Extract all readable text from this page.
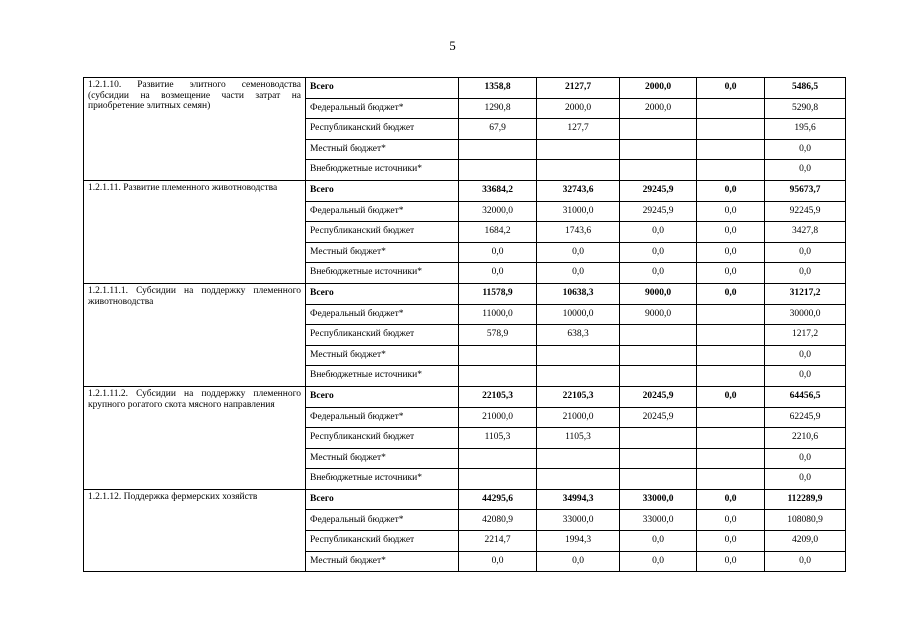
5
1.2.1.10. Развитие элитного семеноводства (субсидии на возмещение части затрат на приобретение элитных семян)	Всего	1358,8	2127,7	2000,0	0,0	5486,5
	Федеральный бюджет*	1290,8	2000,0	2000,0		5290,8
	Республиканский бюджет	67,9	127,7			195,6
	Местный бюджет*					0,0
	Внебюджетные источники*					0,0
1.2.1.11. Развитие племенного животноводства	Всего	33684,2	32743,6	29245,9	0,0	95673,7
	Федеральный бюджет*	32000,0	31000,0	29245,9	0,0	92245,9
	Республиканский бюджет	1684,2	1743,6	0,0	0,0	3427,8
	Местный бюджет*	0,0	0,0	0,0	0,0	0,0
	Внебюджетные источники*	0,0	0,0	0,0	0,0	0,0
1.2.1.11.1. Субсидии на поддержку племенного животноводства	Всего	11578,9	10638,3	9000,0	0,0	31217,2
	Федеральный бюджет*	11000,0	10000,0	9000,0		30000,0
	Республиканский бюджет	578,9	638,3			1217,2
	Местный бюджет*					0,0
	Внебюджетные источники*					0,0
1.2.1.11.2. Субсидии на поддержку племенного крупного рогатого скота мясного направления	Всего	22105,3	22105,3	20245,9	0,0	64456,5
	Федеральный бюджет*	21000,0	21000,0	20245,9		62245,9
	Республиканский бюджет	1105,3	1105,3			2210,6
	Местный бюджет*					0,0
	Внебюджетные источники*					0,0
1.2.1.12. Поддержка фермерских хозяйств	Всего	44295,6	34994,3	33000,0	0,0	112289,9
	Федеральный бюджет*	42080,9	33000,0	33000,0	0,0	108080,9
	Республиканский бюджет	2214,7	1994,3	0,0	0,0	4209,0
	Местный бюджет*	0,0	0,0	0,0	0,0	0,0
